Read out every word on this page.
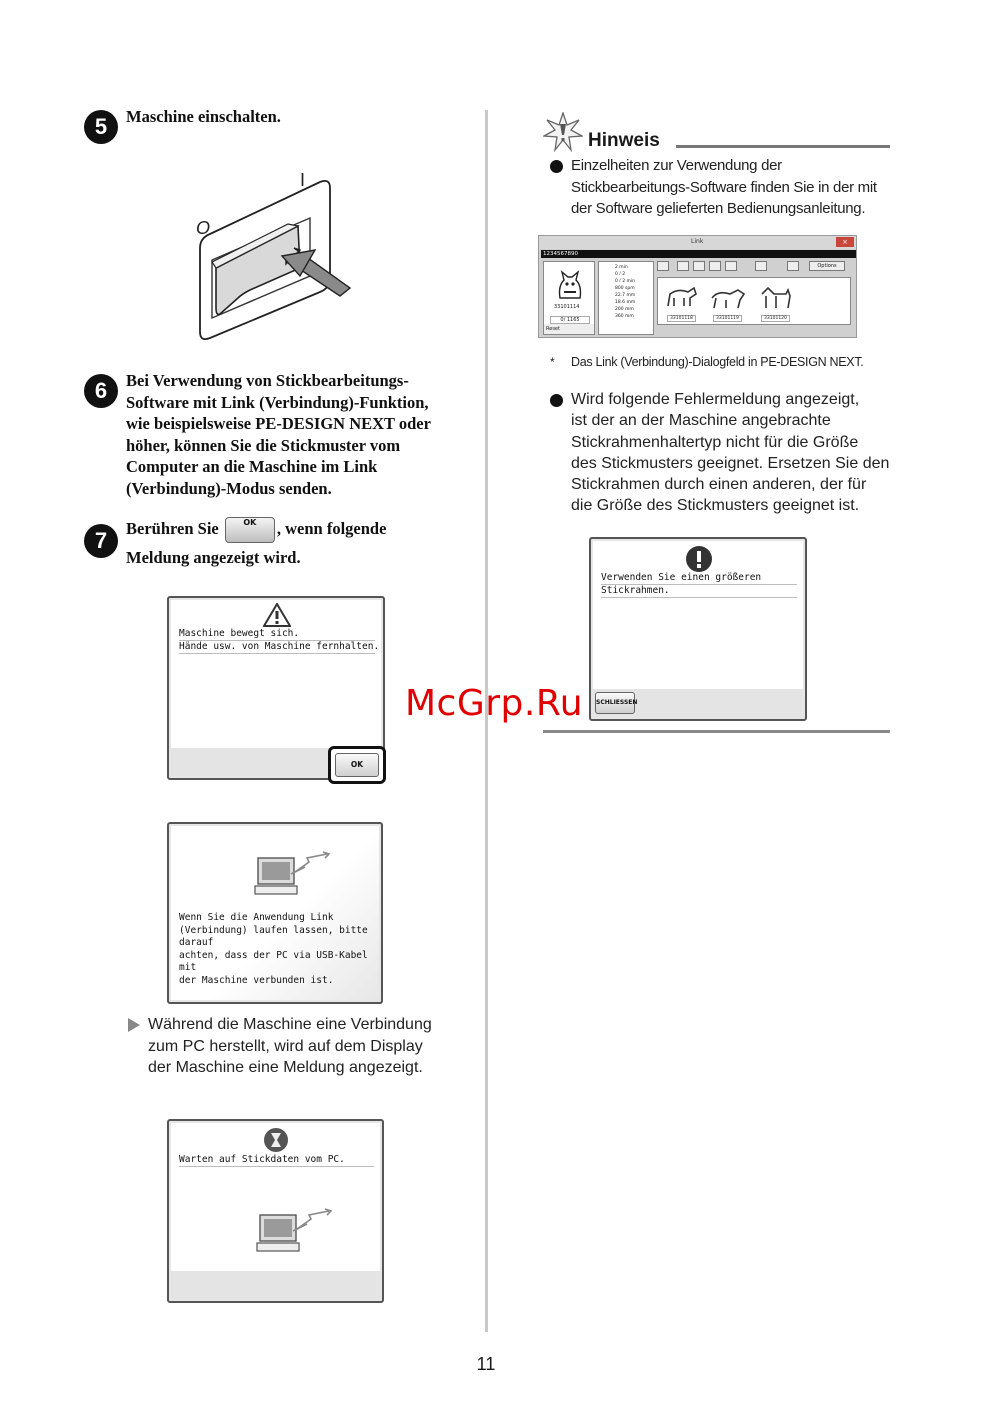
5	Maschine einschalten.
I
O
6	Bei Verwendung von Stickbearbeitungs-
Software mit Link (Verbindung)-Funktion,
wie beispielsweise PE-DESIGN NEXT oder
höher, können Sie die Stickmuster vom
Computer an die Maschine im Link
(Verbindung)-Modus senden.
7	Berühren Sie	OK , wenn folgende
Meldung angezeigt wird.
Maschine bewegt sich.
Hände usw. von Maschine fernhalten.
OK
Wenn Sie die Anwendung Link
(Verbindung) laufen lassen, bitte darauf
achten, dass der PC via USB-Kabel mit
der Maschine verbunden ist.
Während die Maschine eine Verbindung
zum PC herstellt, wird auf dem Display
der Maschine eine Meldung angezeigt.
Warten auf Stickdaten vom PC.
Hinweis
Einzelheiten zur Verwendung der
Stickbearbeitungs-Software finden Sie in der mit
der Software gelieferten Bedienungsanleitung.
Link	×
1234567890
33101114
0/ 1165
Reset
2 min
0 / 2
0 / 2 min
800 spm
22.7 mm
18.6 mm
200 mm
360 mm
Options
33101118	33101119	33101120
* Das Link (Verbindung)-Dialogfeld in PE-DESIGN NEXT.
Wird folgende Fehlermeldung angezeigt,
ist der an der Maschine angebrachte
Stickrahmenhaltertyp nicht für die Größe
des Stickmusters geeignet. Ersetzen Sie den
Stickrahmen durch einen anderen, der für
die Größe des Stickmusters geeignet ist.
Verwenden Sie einen größeren
Stickrahmen.
SCHLIESSEN
McGrp.Ru
11
